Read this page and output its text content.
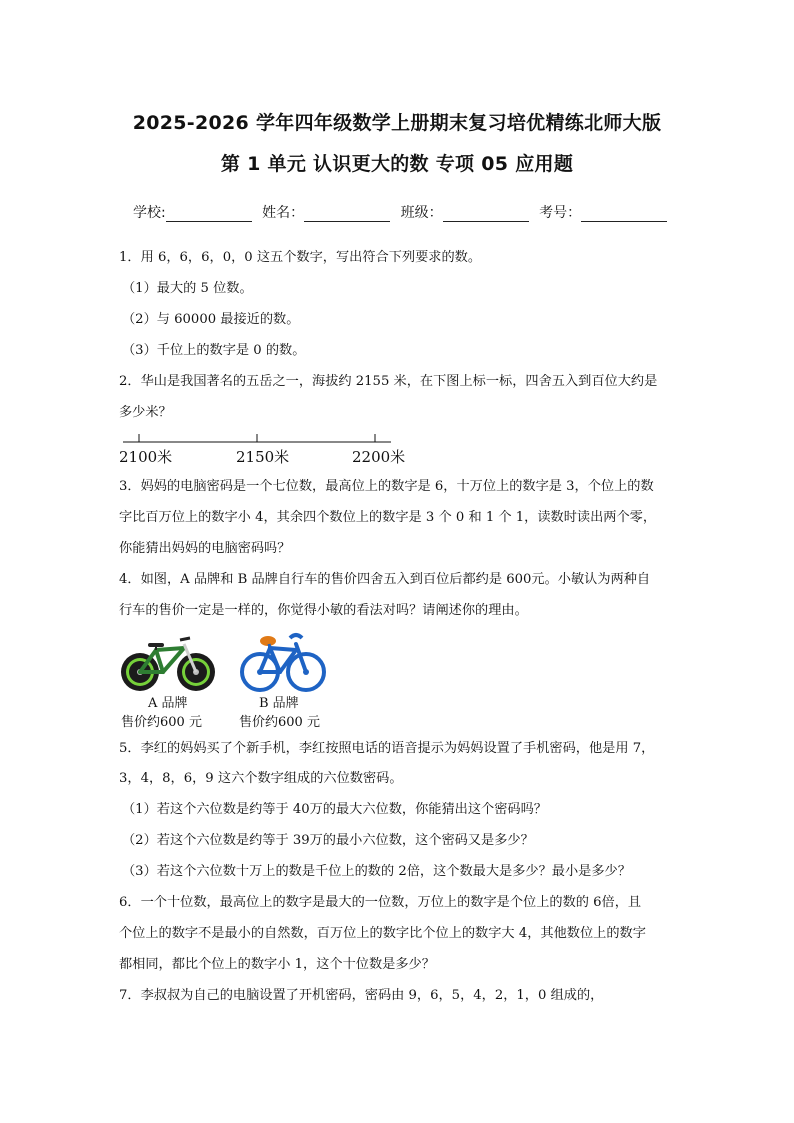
2025-2026 学年四年级数学上册期末复习培优精练北师大版
第 1 单元 认识更大的数 专项 05 应用题
学校:	姓名：	班级：	考号：
1．用 6，6，6，0，0 这五个数字，写出符合下列要求的数。
（1）最大的 5 位数。
（2）与 60000 最接近的数。
（3）千位上的数字是 0 的数。
2．华山是我国著名的五岳之一，海拔约 2155 米，在下图上标一标，四舍五入到百位大约是
多少米？
2100米	2150米	2200米
3．妈妈的电脑密码是一个七位数，最高位上的数字是 6，十万位上的数字是 3，个位上的数
字比百万位上的数字小 4，其余四个数位上的数字是 3 个 0 和 1 个 1，读数时读出两个零，
你能猜出妈妈的电脑密码吗？
4．如图，A 品牌和 B 品牌自行车的售价四舍五入到百位后都约是 600元。小敏认为两种自
行车的售价一定是一样的，你觉得小敏的看法对吗？请阐述你的理由。
A 品牌
售价约600 元
B 品牌
售价约600 元
5．李红的妈妈买了个新手机，李红按照电话的语音提示为妈妈设置了手机密码，他是用 7，
3，4，8，6，9 这六个数字组成的六位数密码。
（1）若这个六位数是约等于 40万的最大六位数，你能猜出这个密码吗？
（2）若这个六位数是约等于 39万的最小六位数，这个密码又是多少？
（3）若这个六位数十万上的数是千位上的数的 2倍，这个数最大是多少？最小是多少？
6．一个十位数，最高位上的数字是最大的一位数，万位上的数字是个位上的数的 6倍，且
个位上的数字不是最小的自然数，百万位上的数字比个位上的数字大 4，其他数位上的数字
都相同，都比个位上的数字小 1，这个十位数是多少？
7．李叔叔为自己的电脑设置了开机密码，密码由 9，6，5，4，2，1，0 组成的，
